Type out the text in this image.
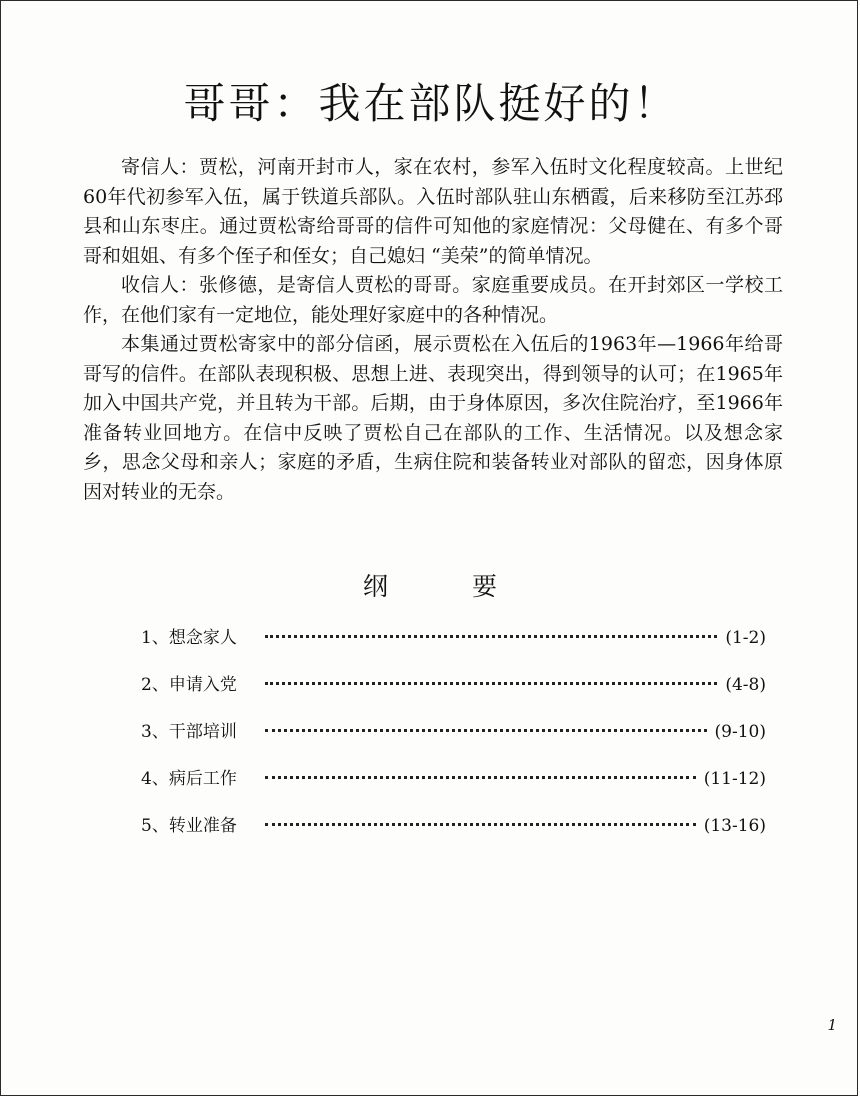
哥哥：我在部队挺好的！

寄信人：贾松，河南开封市人，家在农村，参军入伍时文化程度较高。上世纪60年代初参军入伍，属于铁道兵部队。入伍时部队驻山东栖霞，后来移防至江苏邳县和山东枣庄。通过贾松寄给哥哥的信件可知他的家庭情况：父母健在、有多个哥哥和姐姐、有多个侄子和侄女；自己媳妇 “美荣”的简单情况。

收信人：张修德，是寄信人贾松的哥哥。家庭重要成员。在开封郊区一学校工作，在他们家有一定地位，能处理好家庭中的各种情况。

本集通过贾松寄家中的部分信函，展示贾松在入伍后的1963年—1966年给哥哥写的信件。在部队表现积极、思想上进、表现突出，得到领导的认可；在1965年加入中国共产党，并且转为干部。后期，由于身体原因，多次住院治疗，至1966年准备转业回地方。在信中反映了贾松自己在部队的工作、生活情况。以及想念家乡，思念父母和亲人；家庭的矛盾，生病住院和装备转业对部队的留恋，因身体原因对转业的无奈。

纲	要
1、想念家人	(1-2)
2、申请入党	(4-8)
3、干部培训	(9-10)
4、病后工作	(11-12)
5、转业准备	(13-16)
1
